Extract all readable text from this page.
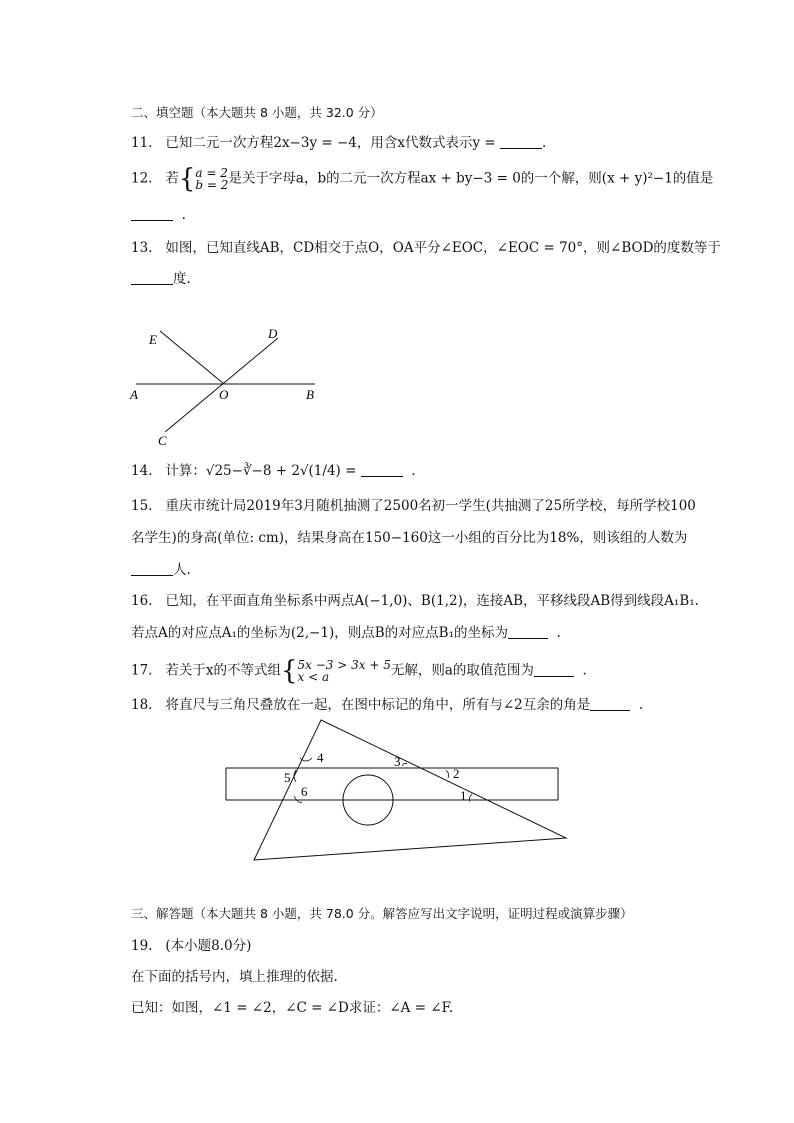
二、填空题（本大题共 8 小题，共 32.0 分）
11. 已知二元一次方程2x−3y = −4，用含x代数式表示y =	.
12. 若{a = 2
b = 2是关于字母a，b的二元一次方程ax + by−3 = 0的一个解，则(x + y)²−1的值是
.
13. 如图，已知直线AB，CD相交于点O，OA平分∠EOC，∠EOC = 70°，则∠BOD的度数等于
度.
E	D
A	O	B
C
14. 计算：√25−∛−8 + 2√(1/4) =	.
15. 重庆市统计局2019年3月随机抽测了2500名初一学生(共抽测了25所学校，每所学校100
名学生)的身高(单位: cm)，结果身高在150−160这一小组的百分比为18%，则该组的人数为
人.
16. 已知，在平面直角坐标系中两点A(−1,0)、B(1,2)，连接AB，平移线段AB得到线段A₁B₁.
若点A的对应点A₁的坐标为(2,−1)，则点B的对应点B₁的坐标为	.
17. 若关于x的不等式组{5x −3 > 3x + 5
x < a	无解，则a的取值范围为	.
18. 将直尺与三角尺叠放在一起，在图中标记的角中，所有与∠2互余的角是	.
4	3
2
1
5
6
三、解答题（本大题共 8 小题，共 78.0 分。解答应写出文字说明，证明过程或演算步骤）
19. (本小题8.0分)
在下面的括号内，填上推理的依据.
已知：如图，∠1 = ∠2，∠C = ∠D求证：∠A = ∠F.
